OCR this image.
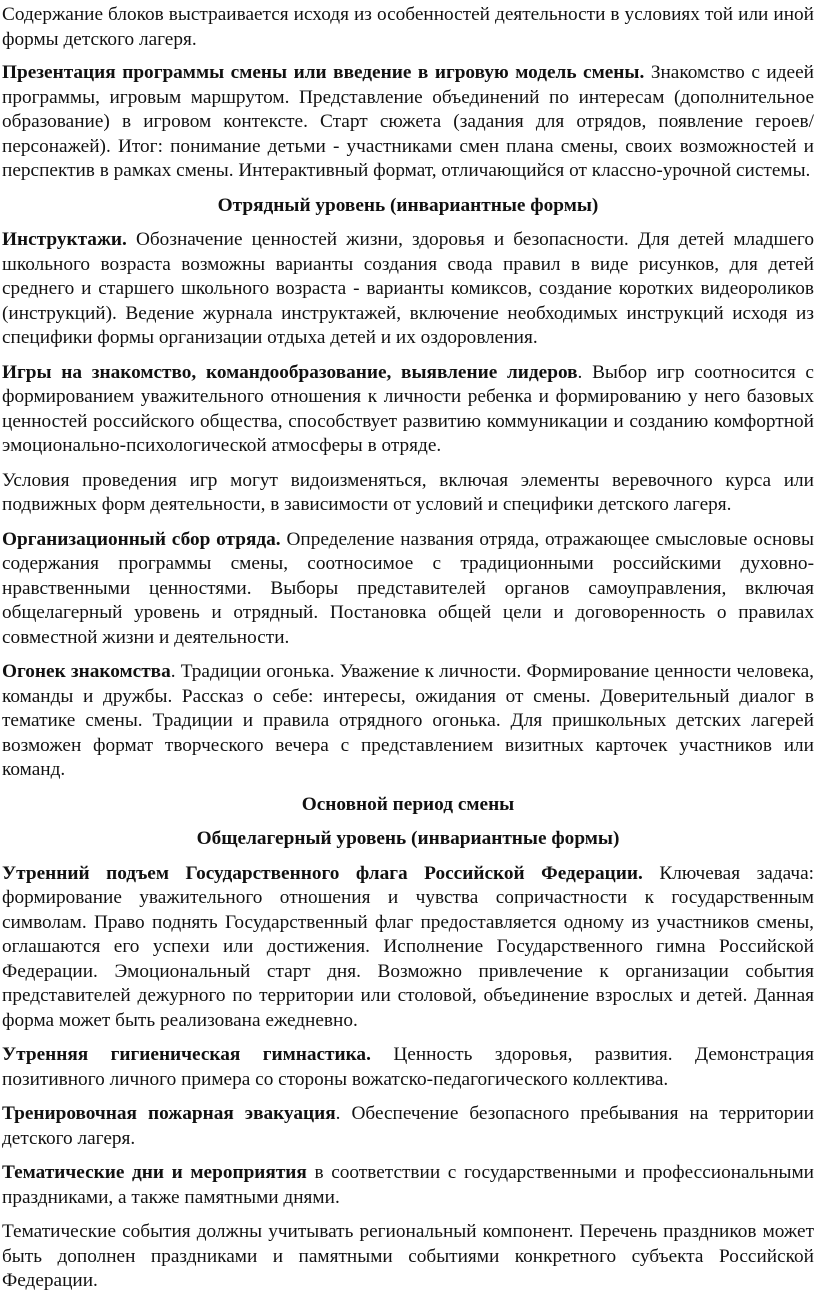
Содержание блоков выстраивается исходя из особенностей деятельности в условиях той или иной формы детского лагеря.

Презентация программы смены или введение в игровую модель смены. Знакомство с идеей программы, игровым маршрутом. Представление объединений по интересам (дополнительное образование) в игровом контексте. Старт сюжета (задания для отрядов, появление героев/персонажей). Итог: понимание детьми - участниками смен плана смены, своих возможностей и перспектив в рамках смены. Интерактивный формат, отличающийся от классно-урочной системы.

Отрядный уровень (инвариантные формы)

Инструктажи. Обозначение ценностей жизни, здоровья и безопасности. Для детей младшего школьного возраста возможны варианты создания свода правил в виде рисунков, для детей среднего и старшего школьного возраста - варианты комиксов, создание коротких видеороликов (инструкций). Ведение журнала инструктажей, включение необходимых инструкций исходя из специфики формы организации отдыха детей и их оздоровления.

Игры на знакомство, командообразование, выявление лидеров. Выбор игр соотносится с формированием уважительного отношения к личности ребенка и формированию у него базовых ценностей российского общества, способствует развитию коммуникации и созданию комфортной эмоционально-психологической атмосферы в отряде.

Условия проведения игр могут видоизменяться, включая элементы веревочного курса или подвижных форм деятельности, в зависимости от условий и специфики детского лагеря.

Организационный сбор отряда. Определение названия отряда, отражающее смысловые основы содержания программы смены, соотносимое с традиционными российскими духовно-нравственными ценностями. Выборы представителей органов самоуправления, включая общелагерный уровень и отрядный. Постановка общей цели и договоренность о правилах совместной жизни и деятельности.

Огонек знакомства. Традиции огонька. Уважение к личности. Формирование ценности человека, команды и дружбы. Рассказ о себе: интересы, ожидания от смены. Доверительный диалог в тематике смены. Традиции и правила отрядного огонька. Для пришкольных детских лагерей возможен формат творческого вечера с представлением визитных карточек участников или команд.

Основной период смены
Общелагерный уровень (инвариантные формы)

Утренний подъем Государственного флага Российской Федерации. Ключевая задача: формирование уважительного отношения и чувства сопричастности к государственным символам. Право поднять Государственный флаг предоставляется одному из участников смены, оглашаются его успехи или достижения. Исполнение Государственного гимна Российской Федерации. Эмоциональный старт дня. Возможно привлечение к организации события представителей дежурного по территории или столовой, объединение взрослых и детей. Данная форма может быть реализована ежедневно.

Утренняя гигиеническая гимнастика. Ценность здоровья, развития. Демонстрация позитивного личного примера со стороны вожатско-педагогического коллектива.

Тренировочная пожарная эвакуация. Обеспечение безопасного пребывания на территории детского лагеря.

Тематические дни и мероприятия в соответствии с государственными и профессиональными праздниками, а также памятными днями.

Тематические события должны учитывать региональный компонент. Перечень праздников может быть дополнен праздниками и памятными событиями конкретного субъекта Российской Федерации.
